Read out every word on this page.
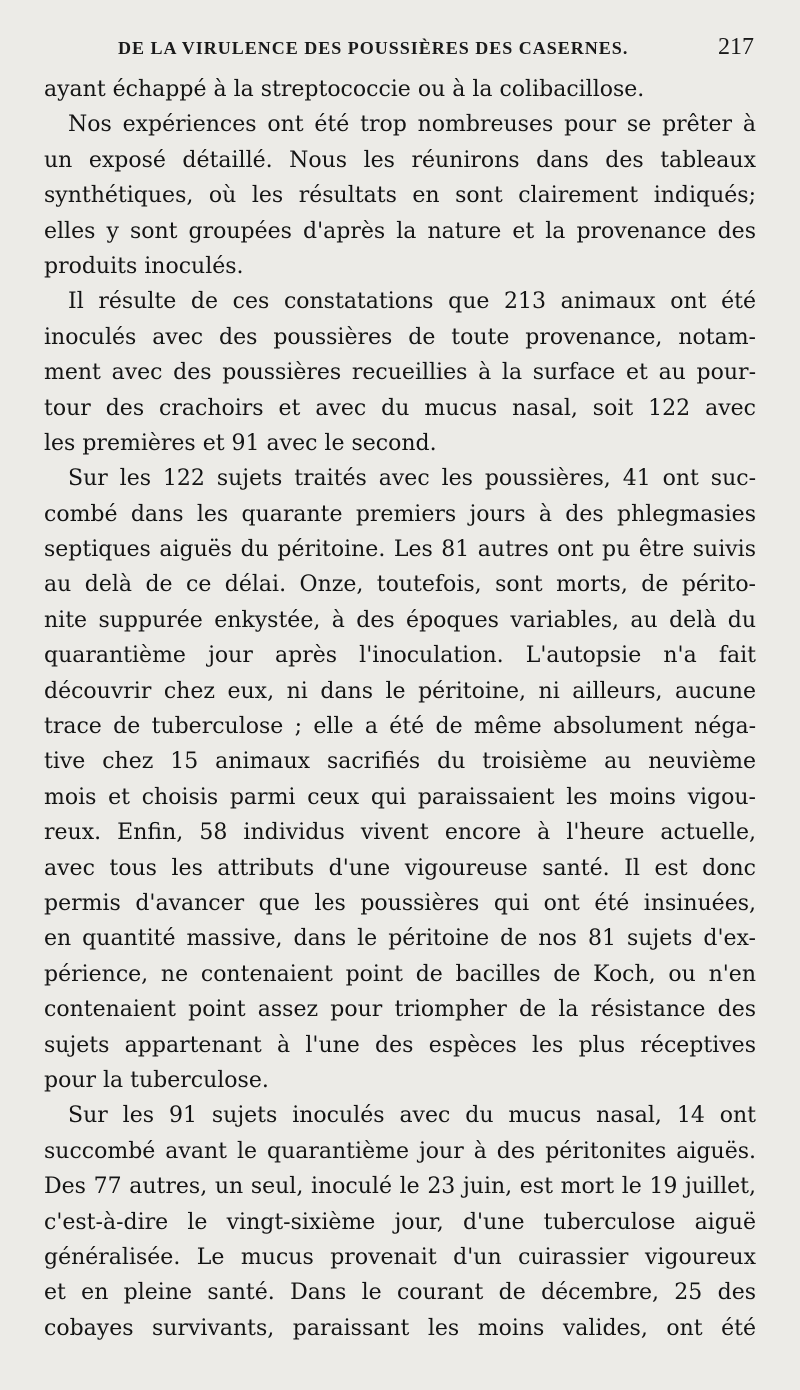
DE LA VIRULENCE DES POUSSIÈRES DES CASERNES.	217
ayant échappé à la streptococcie ou à la colibacillose.
Nos expériences ont été trop nombreuses pour se prêter à
un exposé détaillé. Nous les réunirons dans des tableaux
synthétiques, où les résultats en sont clairement indiqués;
elles y sont groupées d'après la nature et la provenance des
produits inoculés.
Il résulte de ces constatations que 213 animaux ont été
inoculés avec des poussières de toute provenance, notam-
ment avec des poussières recueillies à la surface et au pour-
tour des crachoirs et avec du mucus nasal, soit 122 avec
les premières et 91 avec le second.
Sur les 122 sujets traités avec les poussières, 41 ont suc-
combé dans les quarante premiers jours à des phlegmasies
septiques aiguës du péritoine. Les 81 autres ont pu être suivis
au delà de ce délai. Onze, toutefois, sont morts, de périto-
nite suppurée enkystée, à des époques variables, au delà du
quarantième jour après l'inoculation. L'autopsie n'a fait
découvrir chez eux, ni dans le péritoine, ni ailleurs, aucune
trace de tuberculose ; elle a été de même absolument néga-
tive chez 15 animaux sacrifiés du troisième au neuvième
mois et choisis parmi ceux qui paraissaient les moins vigou-
reux. Enfin, 58 individus vivent encore à l'heure actuelle,
avec tous les attributs d'une vigoureuse santé. Il est donc
permis d'avancer que les poussières qui ont été insinuées,
en quantité massive, dans le péritoine de nos 81 sujets d'ex-
périence, ne contenaient point de bacilles de Koch, ou n'en
contenaient point assez pour triompher de la résistance des
sujets appartenant à l'une des espèces les plus réceptives
pour la tuberculose.
Sur les 91 sujets inoculés avec du mucus nasal, 14 ont
succombé avant le quarantième jour à des péritonites aiguës.
Des 77 autres, un seul, inoculé le 23 juin, est mort le 19 juillet,
c'est-à-dire le vingt-sixième jour, d'une tuberculose aiguë
généralisée. Le mucus provenait d'un cuirassier vigoureux
et en pleine santé. Dans le courant de décembre, 25 des
cobayes survivants, paraissant les moins valides, ont été
